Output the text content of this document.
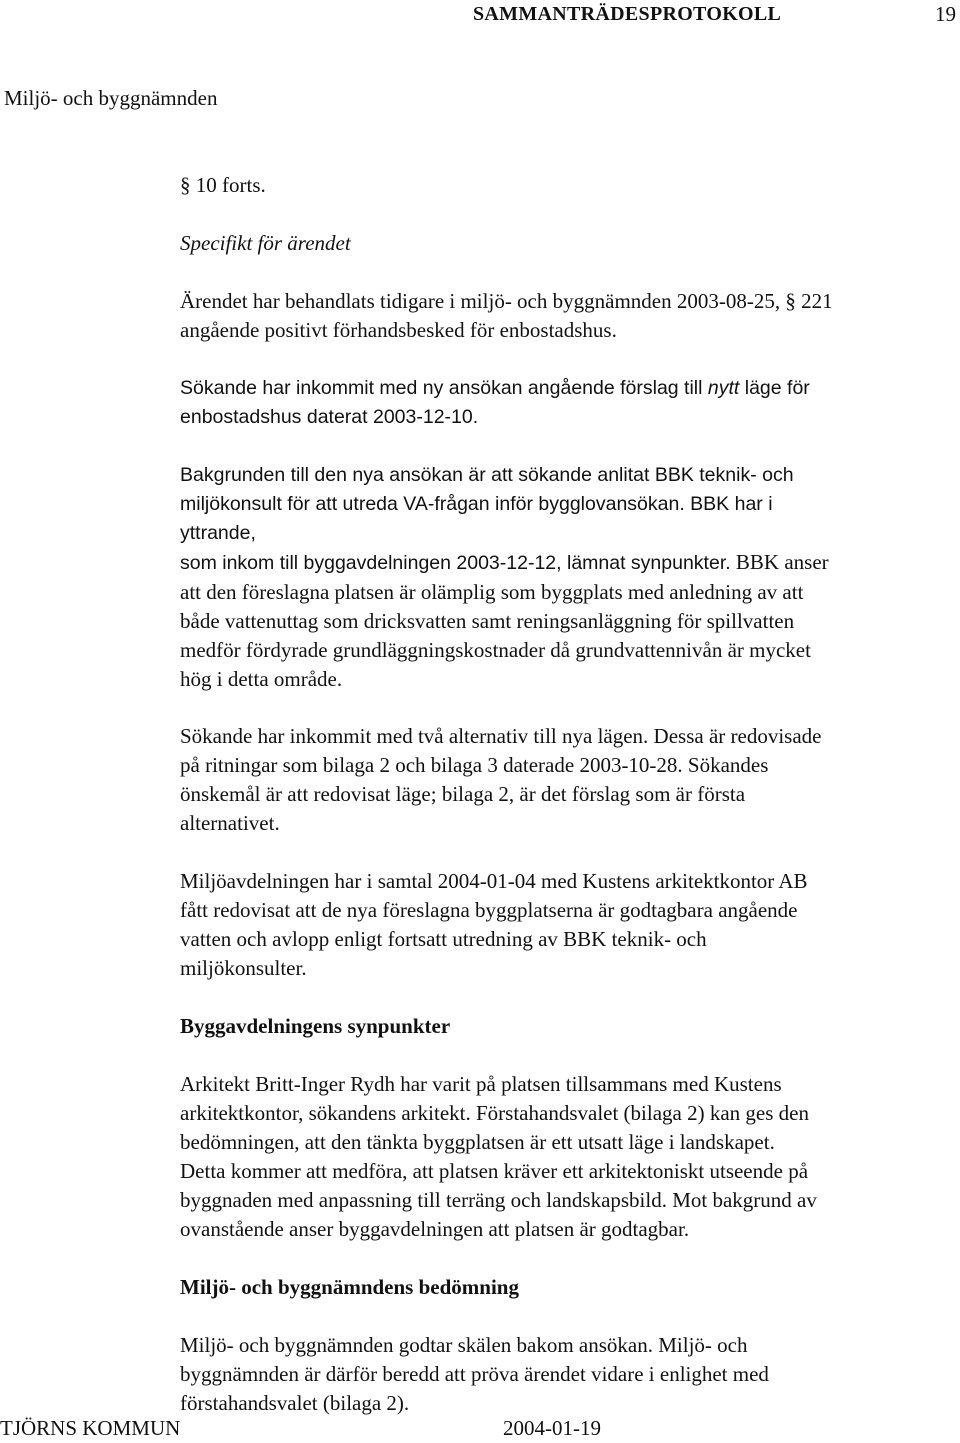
SAMMANTRÄDESPROTOKOLL	19
Miljö- och byggnämnden
§ 10 forts.
Specifikt för ärendet
Ärendet har behandlats tidigare i miljö- och byggnämnden 2003-08-25, § 221
angående positivt förhandsbesked för enbostadshus.
Sökande har inkommit med ny ansökan angående förslag till nytt läge för
enbostadshus daterat 2003-12-10.
Bakgrunden till den nya ansökan är att sökande anlitat BBK teknik- och
miljökonsult för att utreda VA-frågan inför bygglovansökan. BBK har i
yttrande,
som inkom till byggavdelningen 2003-12-12, lämnat synpunkter. BBK anser
att den föreslagna platsen är olämplig som byggplats med anledning av att
både vattenuttag som dricksvatten samt reningsanläggning för spillvatten
medför fördyrade grundläggningskostnader då grundvattennivån är mycket
hög i detta område.
Sökande har inkommit med två alternativ till nya lägen. Dessa är redovisade
på ritningar som bilaga 2 och bilaga 3 daterade 2003-10-28. Sökandes
önskemål är att redovisat läge; bilaga 2, är det förslag som är första
alternativet.
Miljöavdelningen har i samtal 2004-01-04 med Kustens arkitektkontor AB
fått redovisat att de nya föreslagna byggplatserna är godtagbara angående
vatten och avlopp enligt fortsatt utredning av BBK teknik- och
miljökonsulter.
Byggavdelningens synpunkter
Arkitekt Britt-Inger Rydh har varit på platsen tillsammans med Kustens
arkitektkontor, sökandens arkitekt. Förstahandsvalet (bilaga 2) kan ges den
bedömningen, att den tänkta byggplatsen är ett utsatt läge i landskapet.
Detta kommer att medföra, att platsen kräver ett arkitektoniskt utseende på
byggnaden med anpassning till terräng och landskapsbild. Mot bakgrund av
ovanstående anser byggavdelningen att platsen är godtagbar.
Miljö- och byggnämndens bedömning
Miljö- och byggnämnden godtar skälen bakom ansökan. Miljö- och
byggnämnden är därför beredd att pröva ärendet vidare i enlighet med
förstahandsvalet (bilaga 2).
TJÖRNS KOMMUN	2004-01-19
